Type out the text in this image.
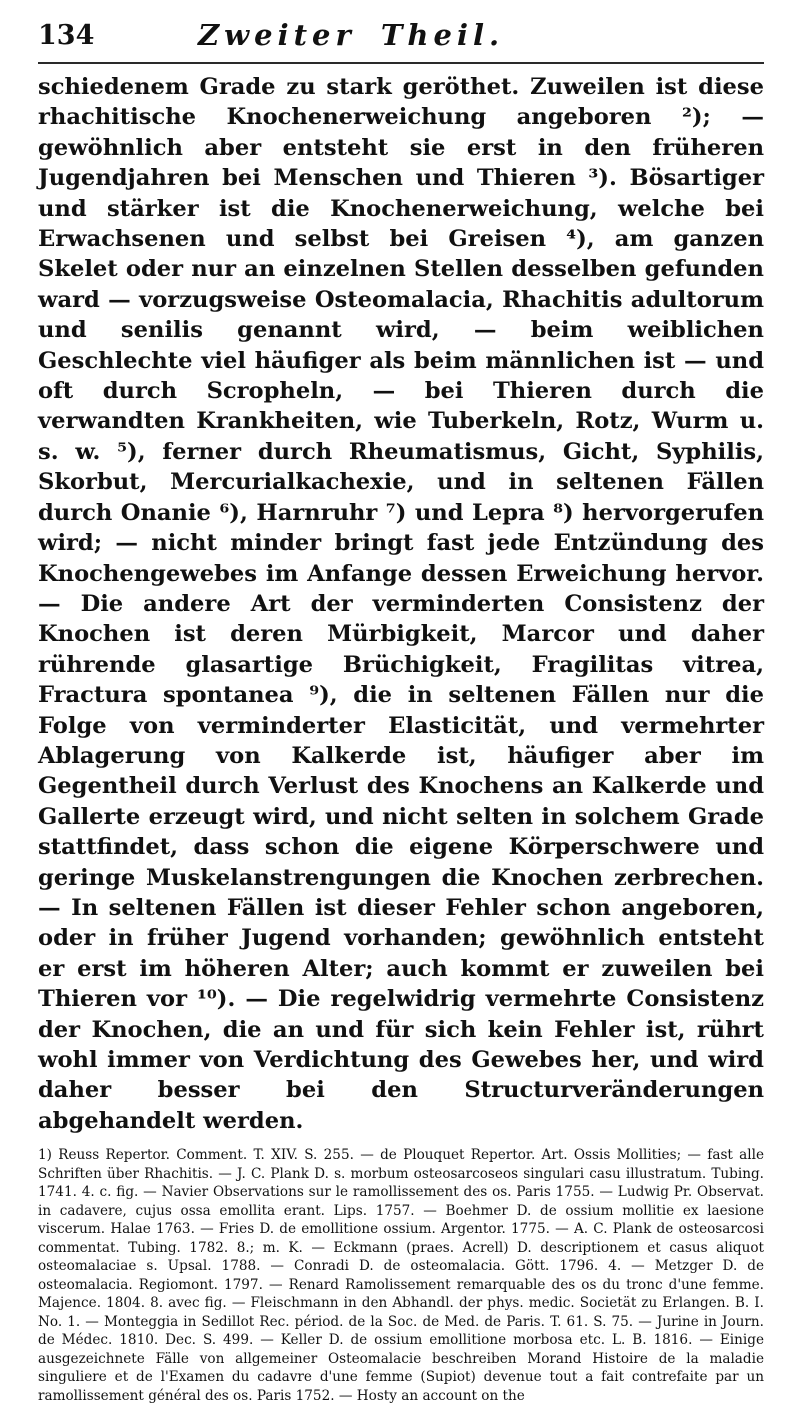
134	Zweiter Theil.

schiedenem Grade zu stark geröthet. Zuweilen ist diese rhachitische Knochenerweichung angeboren ²); — gewöhnlich aber entsteht sie erst in den früheren Jugendjahren bei Menschen und Thieren ³). Bösartiger und stärker ist die Knochenerweichung, welche bei Erwachsenen und selbst bei Greisen ⁴), am ganzen Skelet oder nur an einzelnen Stellen desselben gefunden ward — vorzugsweise Osteomalacia, Rhachitis adultorum und senilis genannt wird, — beim weiblichen Geschlechte viel häufiger als beim männlichen ist — und oft durch Scropheln, — bei Thieren durch die verwandten Krankheiten, wie Tuberkeln, Rotz, Wurm u. s. w. ⁵), ferner durch Rheumatismus, Gicht, Syphilis, Skorbut, Mercurialkachexie, und in seltenen Fällen durch Onanie ⁶), Harnruhr ⁷) und Lepra ⁸) hervorgerufen wird; — nicht minder bringt fast jede Entzündung des Knochengewebes im Anfange dessen Erweichung hervor. — Die andere Art der verminderten Consistenz der Knochen ist deren Mürbigkeit, Marcor und daher rührende glasartige Brüchigkeit, Fragilitas vitrea, Fractura spontanea ⁹), die in seltenen Fällen nur die Folge von verminderter Elasticität, und vermehrter Ablagerung von Kalkerde ist, häufiger aber im Gegentheil durch Verlust des Knochens an Kalkerde und Gallerte erzeugt wird, und nicht selten in solchem Grade stattfindet, dass schon die eigene Körperschwere und geringe Muskelanstrengungen die Knochen zerbrechen. — In seltenen Fällen ist dieser Fehler schon angeboren, oder in früher Jugend vorhanden; gewöhnlich entsteht er erst im höheren Alter; auch kommt er zuweilen bei Thieren vor ¹⁰). — Die regelwidrig vermehrte Consistenz der Knochen, die an und für sich kein Fehler ist, rührt wohl immer von Verdichtung des Gewebes her, und wird daher besser bei den Structurveränderungen abgehandelt werden.

1) Reuss Repertor. Comment. T. XIV. S. 255. — de Plouquet Repertor. Art. Ossis Mollities; — fast alle Schriften über Rhachitis. — J. C. Plank D. s. morbum osteosarcoseos singulari casu illustratum. Tubing. 1741. 4. c. fig. — Navier Observations sur le ramollissement des os. Paris 1755. — Ludwig Pr. Observat. in cadavere, cujus ossa emollita erant. Lips. 1757. — Boehmer D. de ossium mollitie ex laesione viscerum. Halae 1763. — Fries D. de emollitione ossium. Argentor. 1775. — A. C. Plank de osteosarcosi commentat. Tubing. 1782. 8.; m. K. — Eckmann (praes. Acrell) D. descriptionem et casus aliquot osteomalaciae s. Upsal. 1788. — Conradi D. de osteomalacia. Gött. 1796. 4. — Metzger D. de osteomalacia. Regiomont. 1797. — Renard Ramolissement remarquable des os du tronc d'une femme. Majence. 1804. 8. avec fig. — Fleischmann in den Abhandl. der phys. medic. Societät zu Erlangen. B. I. No. 1. — Monteggia in Sedillot Rec. périod. de la Soc. de Med. de Paris. T. 61. S. 75. — Jurine in Journ. de Médec. 1810. Dec. S. 499. — Keller D. de ossium emollitione morbosa etc. L. B. 1816. — Einige ausgezeichnete Fälle von allgemeiner Osteomalacie beschreiben Morand Histoire de la maladie singuliere et de l'Examen du cadavre d'une femme (Supiot) devenue tout a fait contrefaite par un ramollissement général des os. Paris 1752. — Hosty an account on the
